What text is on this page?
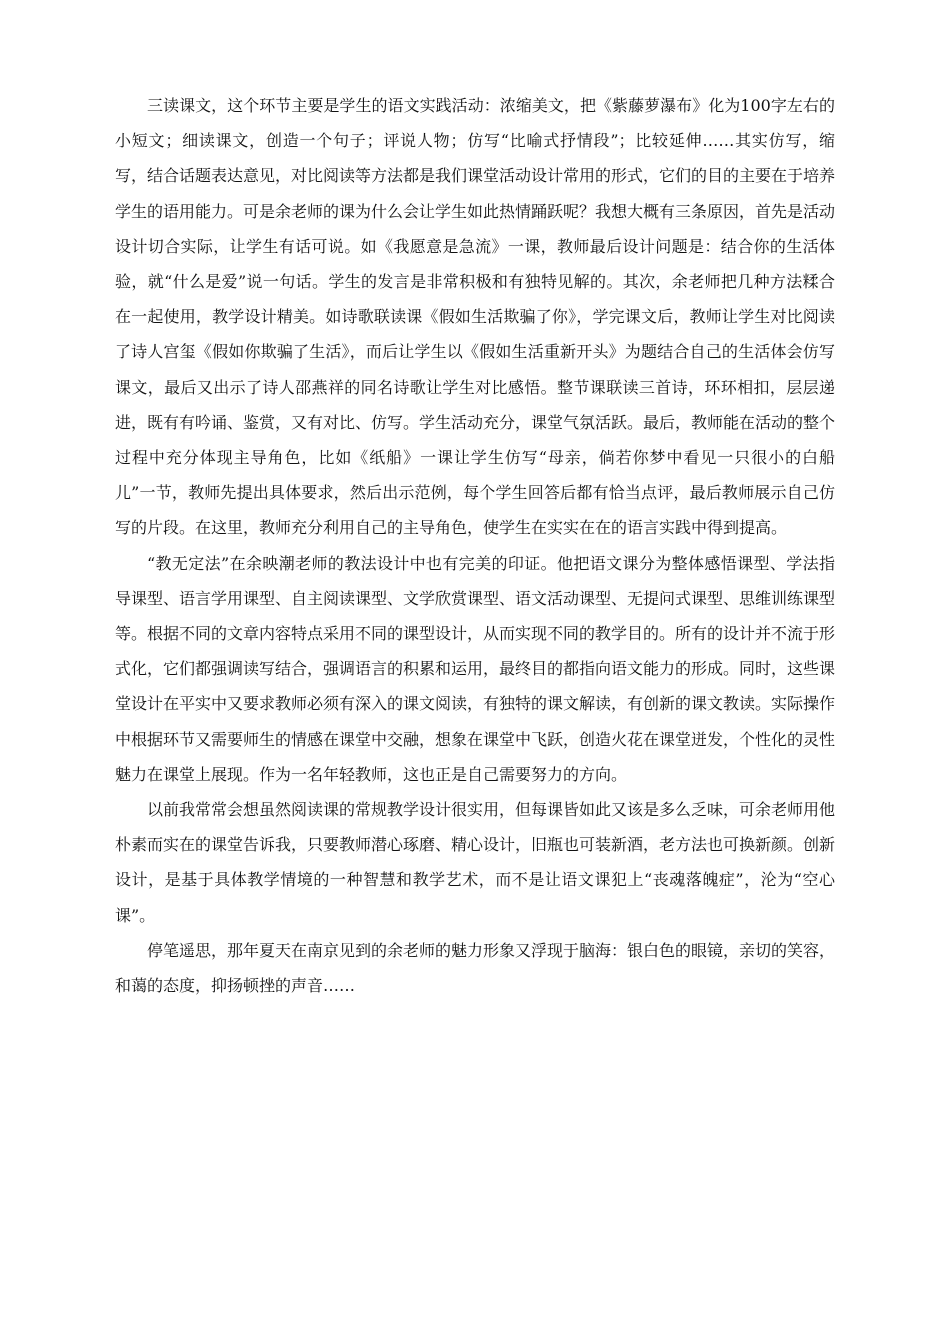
三读课文，这个环节主要是学生的语文实践活动：浓缩美文，把《紫藤萝瀑布》化为100字左右的小短文；细读课文，创造一个句子；评说人物；仿写“比喻式抒情段”；比较延伸……其实仿写，缩写，结合话题表达意见，对比阅读等方法都是我们课堂活动设计常用的形式，它们的目的主要在于培养学生的语用能力。可是余老师的课为什么会让学生如此热情踊跃呢？我想大概有三条原因，首先是活动设计切合实际，让学生有话可说。如《我愿意是急流》一课，教师最后设计问题是：结合你的生活体验，就“什么是爱”说一句话。学生的发言是非常积极和有独特见解的。其次，余老师把几种方法糅合在一起使用，教学设计精美。如诗歌联读课《假如生活欺骗了你》，学完课文后，教师让学生对比阅读了诗人宫玺《假如你欺骗了生活》，而后让学生以《假如生活重新开头》为题结合自己的生活体会仿写课文，最后又出示了诗人邵燕祥的同名诗歌让学生对比感悟。整节课联读三首诗，环环相扣，层层递进，既有有吟诵、鉴赏，又有对比、仿写。学生活动充分，课堂气氛活跃。最后，教师能在活动的整个过程中充分体现主导角色，比如《纸船》一课让学生仿写“母亲，倘若你梦中看见一只很小的白船儿”一节，教师先提出具体要求，然后出示范例，每个学生回答后都有恰当点评，最后教师展示自己仿写的片段。在这里，教师充分利用自己的主导角色，使学生在实实在在的语言实践中得到提高。

“教无定法”在余映潮老师的教法设计中也有完美的印证。他把语文课分为整体感悟课型、学法指导课型、语言学用课型、自主阅读课型、文学欣赏课型、语文活动课型、无提问式课型、思维训练课型等。根据不同的文章内容特点采用不同的课型设计，从而实现不同的教学目的。所有的设计并不流于形式化，它们都强调读写结合，强调语言的积累和运用，最终目的都指向语文能力的形成。同时，这些课堂设计在平实中又要求教师必须有深入的课文阅读，有独特的课文解读，有创新的课文教读。实际操作中根据环节又需要师生的情感在课堂中交融，想象在课堂中飞跃，创造火花在课堂迸发，个性化的灵性魅力在课堂上展现。作为一名年轻教师，这也正是自己需要努力的方向。

以前我常常会想虽然阅读课的常规教学设计很实用，但每课皆如此又该是多么乏味，可余老师用他朴素而实在的课堂告诉我，只要教师潜心琢磨、精心设计，旧瓶也可装新酒，老方法也可换新颜。创新设计，是基于具体教学情境的一种智慧和教学艺术，而不是让语文课犯上“丧魂落魄症”，沦为“空心课”。

停笔遥思，那年夏天在南京见到的余老师的魅力形象又浮现于脑海：银白色的眼镜，亲切的笑容，和蔼的态度，抑扬顿挫的声音……
